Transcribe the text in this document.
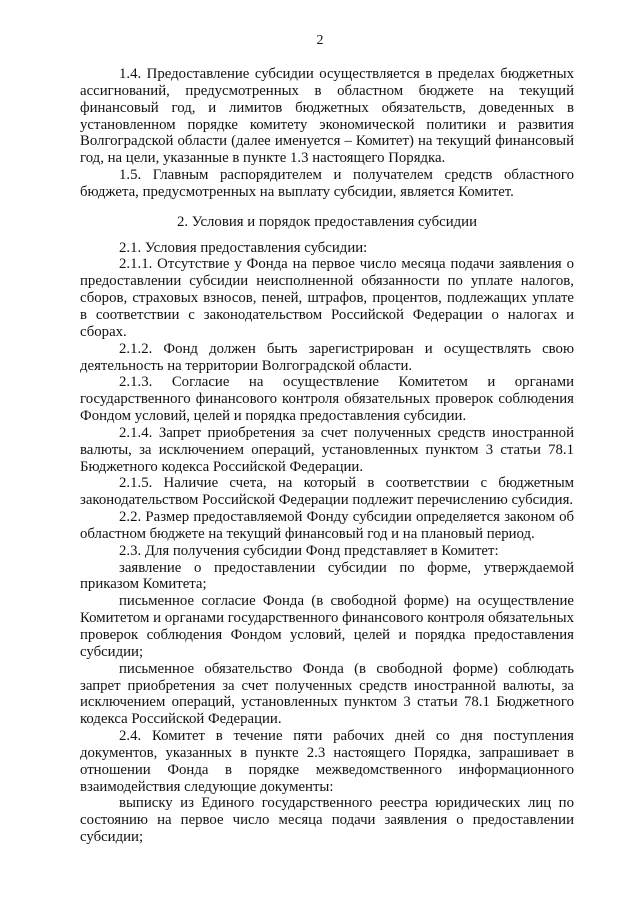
2

1.4. Предоставление субсидии осуществляется в пределах бюджетных ассигнований, предусмотренных в областном бюджете на текущий финансовый год, и лимитов бюджетных обязательств, доведенных в установленном порядке комитету экономической политики и развития Волгоградской области (далее именуется – Комитет) на текущий финансовый год, на цели, указанные в пункте 1.3 настоящего Порядка.

1.5. Главным распорядителем и получателем средств областного бюджета, предусмотренных на выплату субсидии, является Комитет.

2. Условия и порядок предоставления субсидии

2.1. Условия предоставления субсидии:

2.1.1. Отсутствие у Фонда на первое число месяца подачи заявления о предоставлении субсидии неисполненной обязанности по уплате налогов, сборов, страховых взносов, пеней, штрафов, процентов, подлежащих уплате в соответствии с законодательством Российской Федерации о налогах и сборах.

2.1.2. Фонд должен быть зарегистрирован и осуществлять свою деятельность на территории Волгоградской области.

2.1.3. Согласие на осуществление Комитетом и органами государственного финансового контроля обязательных проверок соблюдения Фондом условий, целей и порядка предоставления субсидии.

2.1.4. Запрет приобретения за счет полученных средств иностранной валюты, за исключением операций, установленных пунктом 3 статьи 78.1 Бюджетного кодекса Российской Федерации.

2.1.5. Наличие счета, на который в соответствии с бюджетным законодательством Российской Федерации подлежит перечислению субсидия.

2.2. Размер предоставляемой Фонду субсидии определяется законом об областном бюджете на текущий финансовый год и на плановый период.

2.3. Для получения субсидии Фонд представляет в Комитет:

заявление о предоставлении субсидии по форме, утверждаемой приказом Комитета;

письменное согласие Фонда (в свободной форме) на осуществление Комитетом и органами государственного финансового контроля обязательных проверок соблюдения Фондом условий, целей и порядка предоставления субсидии;

письменное обязательство Фонда (в свободной форме) соблюдать запрет приобретения за счет полученных средств иностранной валюты, за исключением операций, установленных пунктом 3 статьи 78.1 Бюджетного кодекса Российской Федерации.

2.4. Комитет в течение пяти рабочих дней со дня поступления документов, указанных в пункте 2.3 настоящего Порядка, запрашивает в отношении Фонда в порядке межведомственного информационного взаимодействия следующие документы:

выписку из Единого государственного реестра юридических лиц по состоянию на первое число месяца подачи заявления о предоставлении субсидии;
